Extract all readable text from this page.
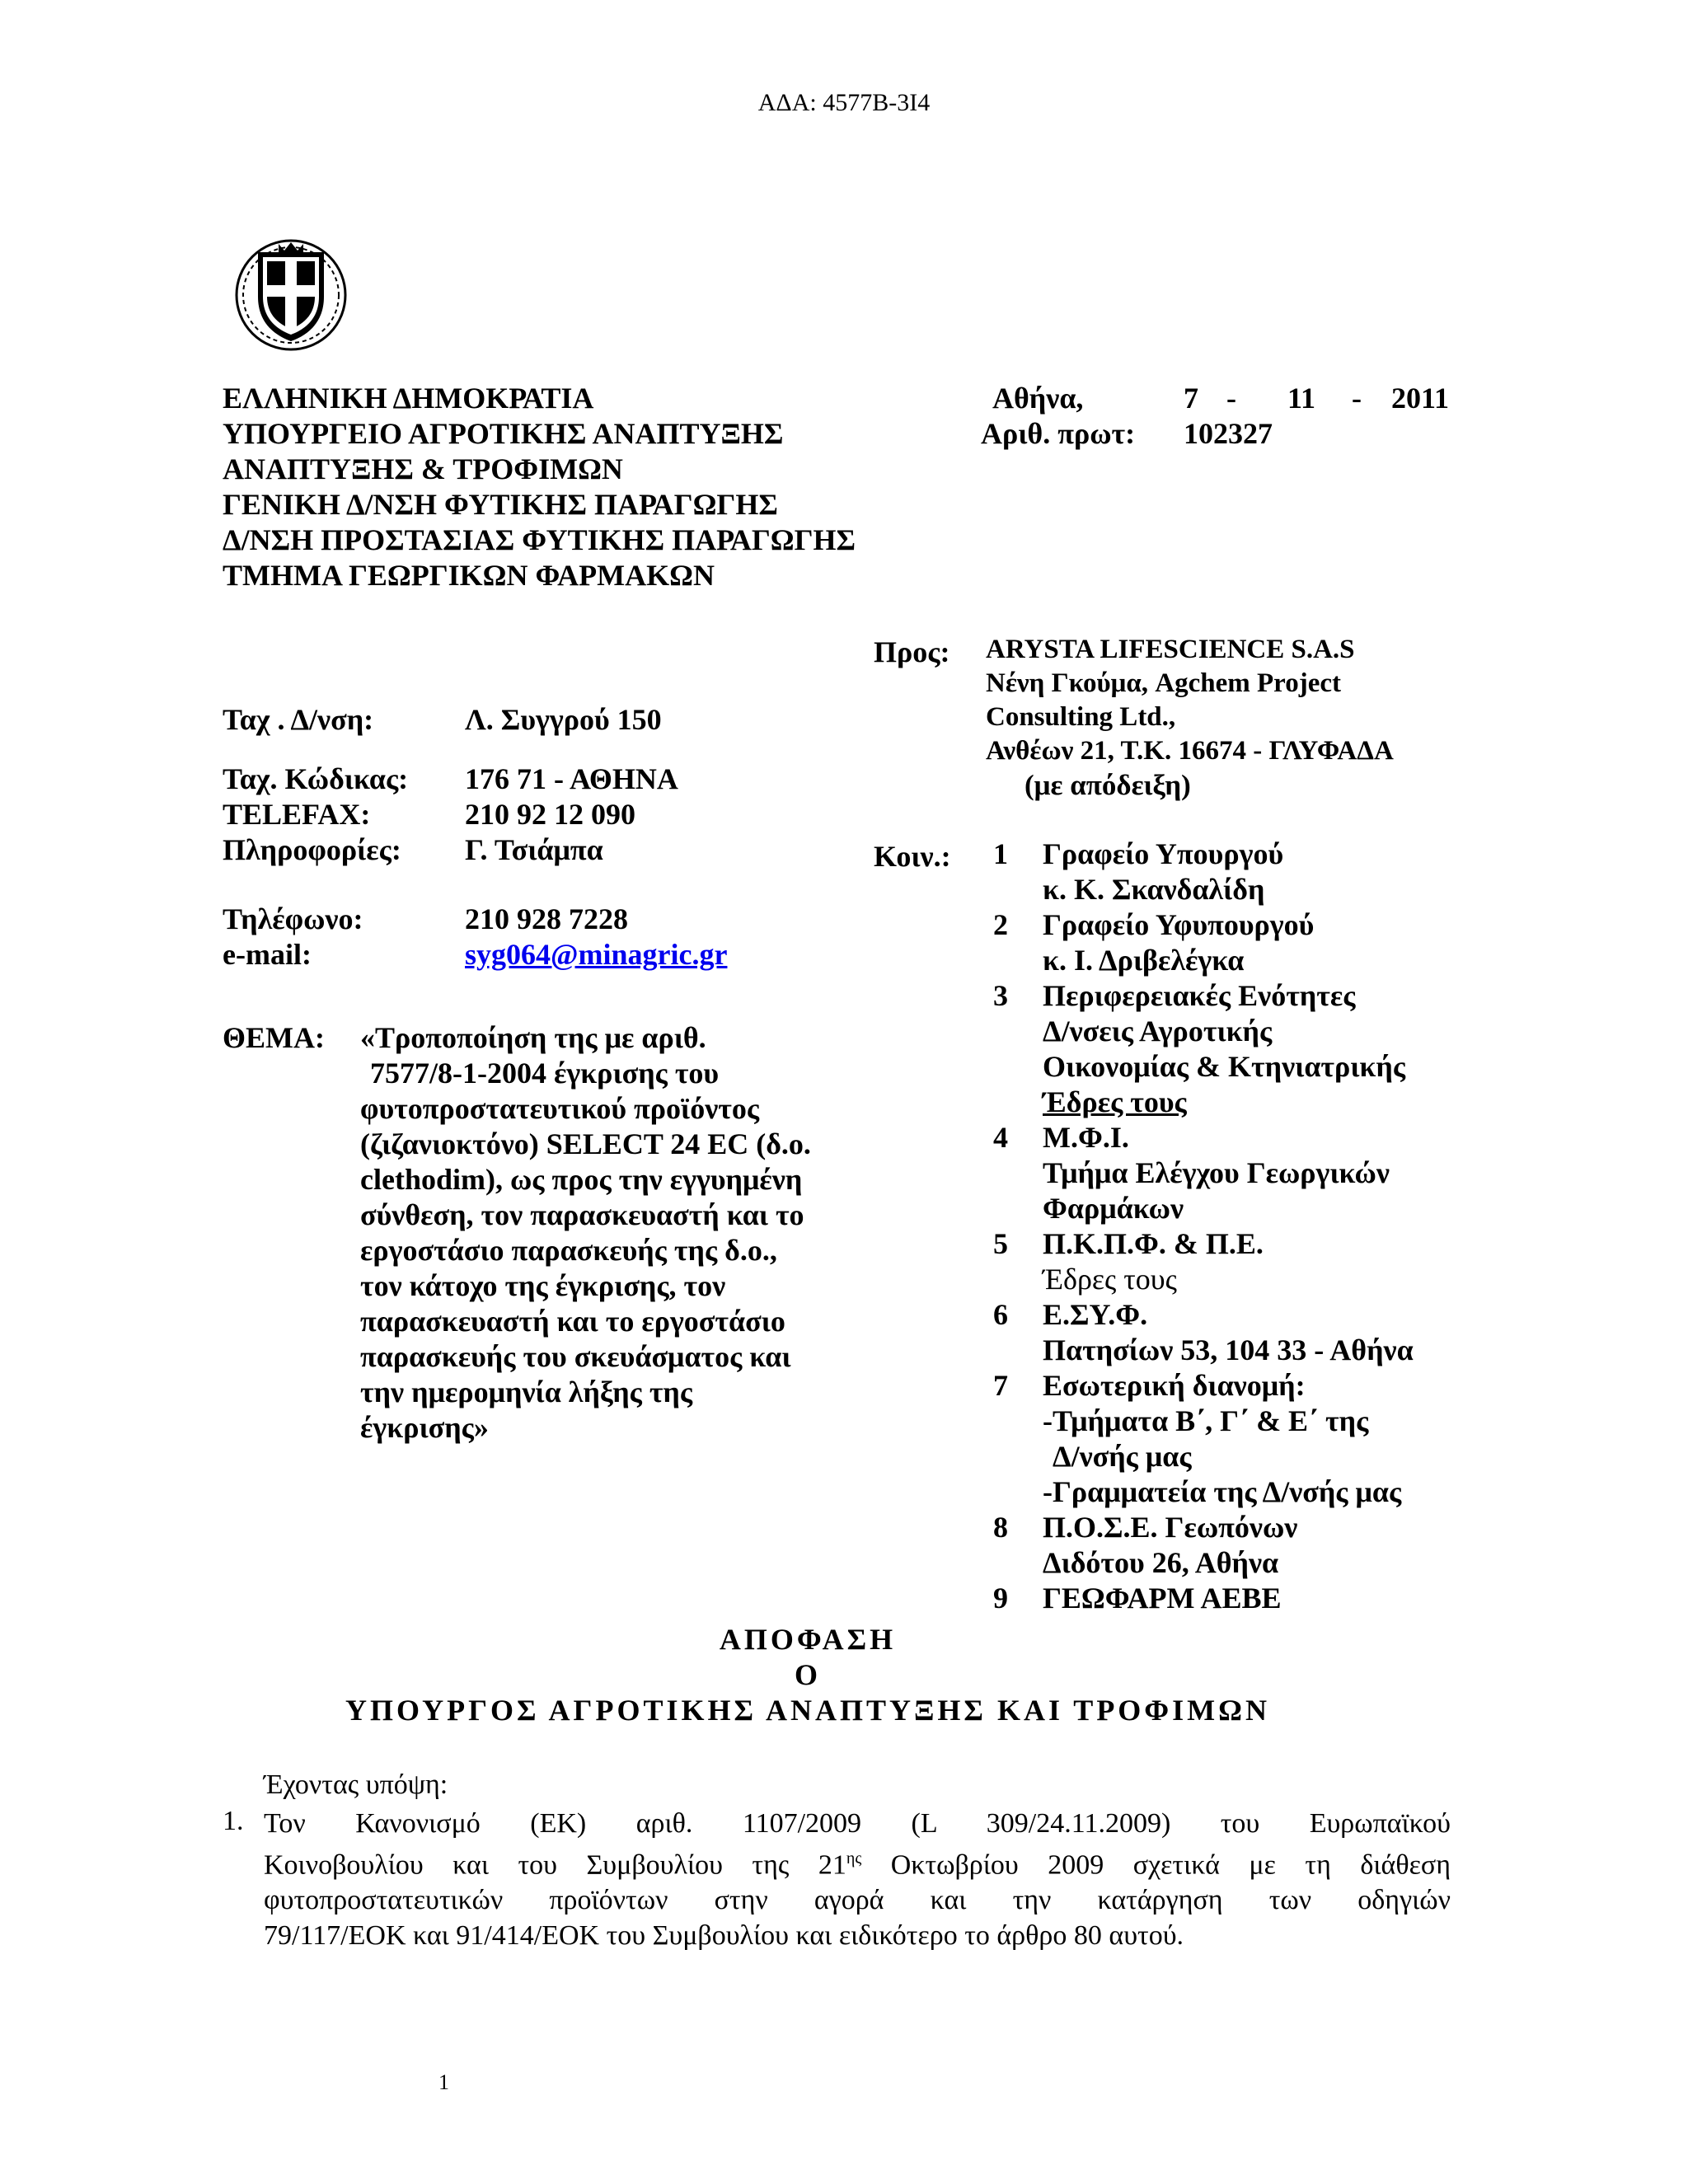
ΑΔΑ: 4577Β-3Ι4
ΕΛΛΗΝΙΚΗ ΔΗΜΟΚΡΑΤΙΑ
ΥΠΟΥΡΓΕΙΟ ΑΓΡΟΤΙΚΗΣ ΑΝΑΠΤΥΞΗΣ
ΑΝΑΠΤΥΞΗΣ & ΤΡΟΦΙΜΩΝ
ΓΕΝΙΚΗ Δ/ΝΣΗ ΦΥΤΙΚΗΣ ΠΑΡΑΓΩΓΗΣ
Δ/ΝΣΗ ΠΡΟΣΤΑΣΙΑΣ ΦΥΤΙΚΗΣ ΠΑΡΑΓΩΓΗΣ
ΤΜΗΜΑ ΓΕΩΡΓΙΚΩΝ ΦΑΡΜΑΚΩΝ
Αθήνα,	7 - 11 - 2011
Αριθ. πρωτ: 102327
Ταχ . Δ/νση:	Λ. Συγγρού 150
Ταχ. Κώδικας: 176 71 - ΑΘΗΝΑ
TELEFAX:	210 92 12 090
Πληροφορίες: Γ. Τσιάμπα
Τηλέφωνο:	210 928 7228
e-mail:	syg064@minagric.gr
ΘΕΜΑ: «Τροποποίηση της με αριθ.
7577/8-1-2004 έγκρισης του
φυτοπροστατευτικού προϊόντος
(ζιζανιοκτόνο) SELECT 24 EC (δ.ο.
clethodim), ως προς την εγγυημένη
σύνθεση, τον παρασκευαστή και το
εργοστάσιο παρασκευής της δ.ο.,
τον κάτοχο της έγκρισης, τον
παρασκευαστή και το εργοστάσιο
παρασκευής του σκευάσματος και
την ημερομηνία λήξης της
έγκρισης»
Προς: ARYSTA LIFESCIENCE S.A.S
Νένη Γκούμα, Agchem Project
Consulting Ltd.,
Ανθέων 21, Τ.Κ. 16674 - ΓΛΥΦΑΔΑ
(με απόδειξη)
Κοιν.: 1 Γραφείο Υπουργού
κ. Κ. Σκανδαλίδη
2 Γραφείο Υφυπουργού
κ. Ι. Δριβελέγκα
3 Περιφερειακές Ενότητες
Δ/νσεις Αγροτικής
Οικονομίας & Κτηνιατρικής
Έδρες τους
4 Μ.Φ.Ι.
Τμήμα Ελέγχου Γεωργικών
Φαρμάκων
5 Π.Κ.Π.Φ. & Π.Ε.
Έδρες τους
6 Ε.ΣΥ.Φ.
Πατησίων 53, 104 33 - Αθήνα
7 Εσωτερική διανομή:
-Τμήματα Β΄, Γ΄ & Ε΄ της
Δ/νσής μας
-Γραμματεία της Δ/νσής μας
8 Π.Ο.Σ.Ε. Γεωπόνων
Διδότου 26, Αθήνα
9 ΓΕΩΦΑΡΜ ΑΕΒΕ
ΑΠΟΦΑΣΗ
Ο
ΥΠΟΥΡΓΟΣ ΑΓΡΟΤΙΚΗΣ ΑΝΑΠΤΥΞΗΣ ΚΑΙ ΤΡΟΦΙΜΩΝ
Έχοντας υπόψη:
1. Τον Κανονισμό (ΕΚ) αριθ. 1107/2009 (L 309/24.11.2009) του Ευρωπαϊκού
Κοινοβουλίου και του Συμβουλίου της $21^{\eta\varsigma}$ Οκτωβρίου 2009 σχετικά με τη διάθεση
φυτοπροστατευτικών προϊόντων στην αγορά και την κατάργηση των οδηγιών
79/117/ΕΟΚ και 91/414/ΕΟΚ του Συμβουλίου και ειδικότερο το άρθρο 80 αυτού.
1
